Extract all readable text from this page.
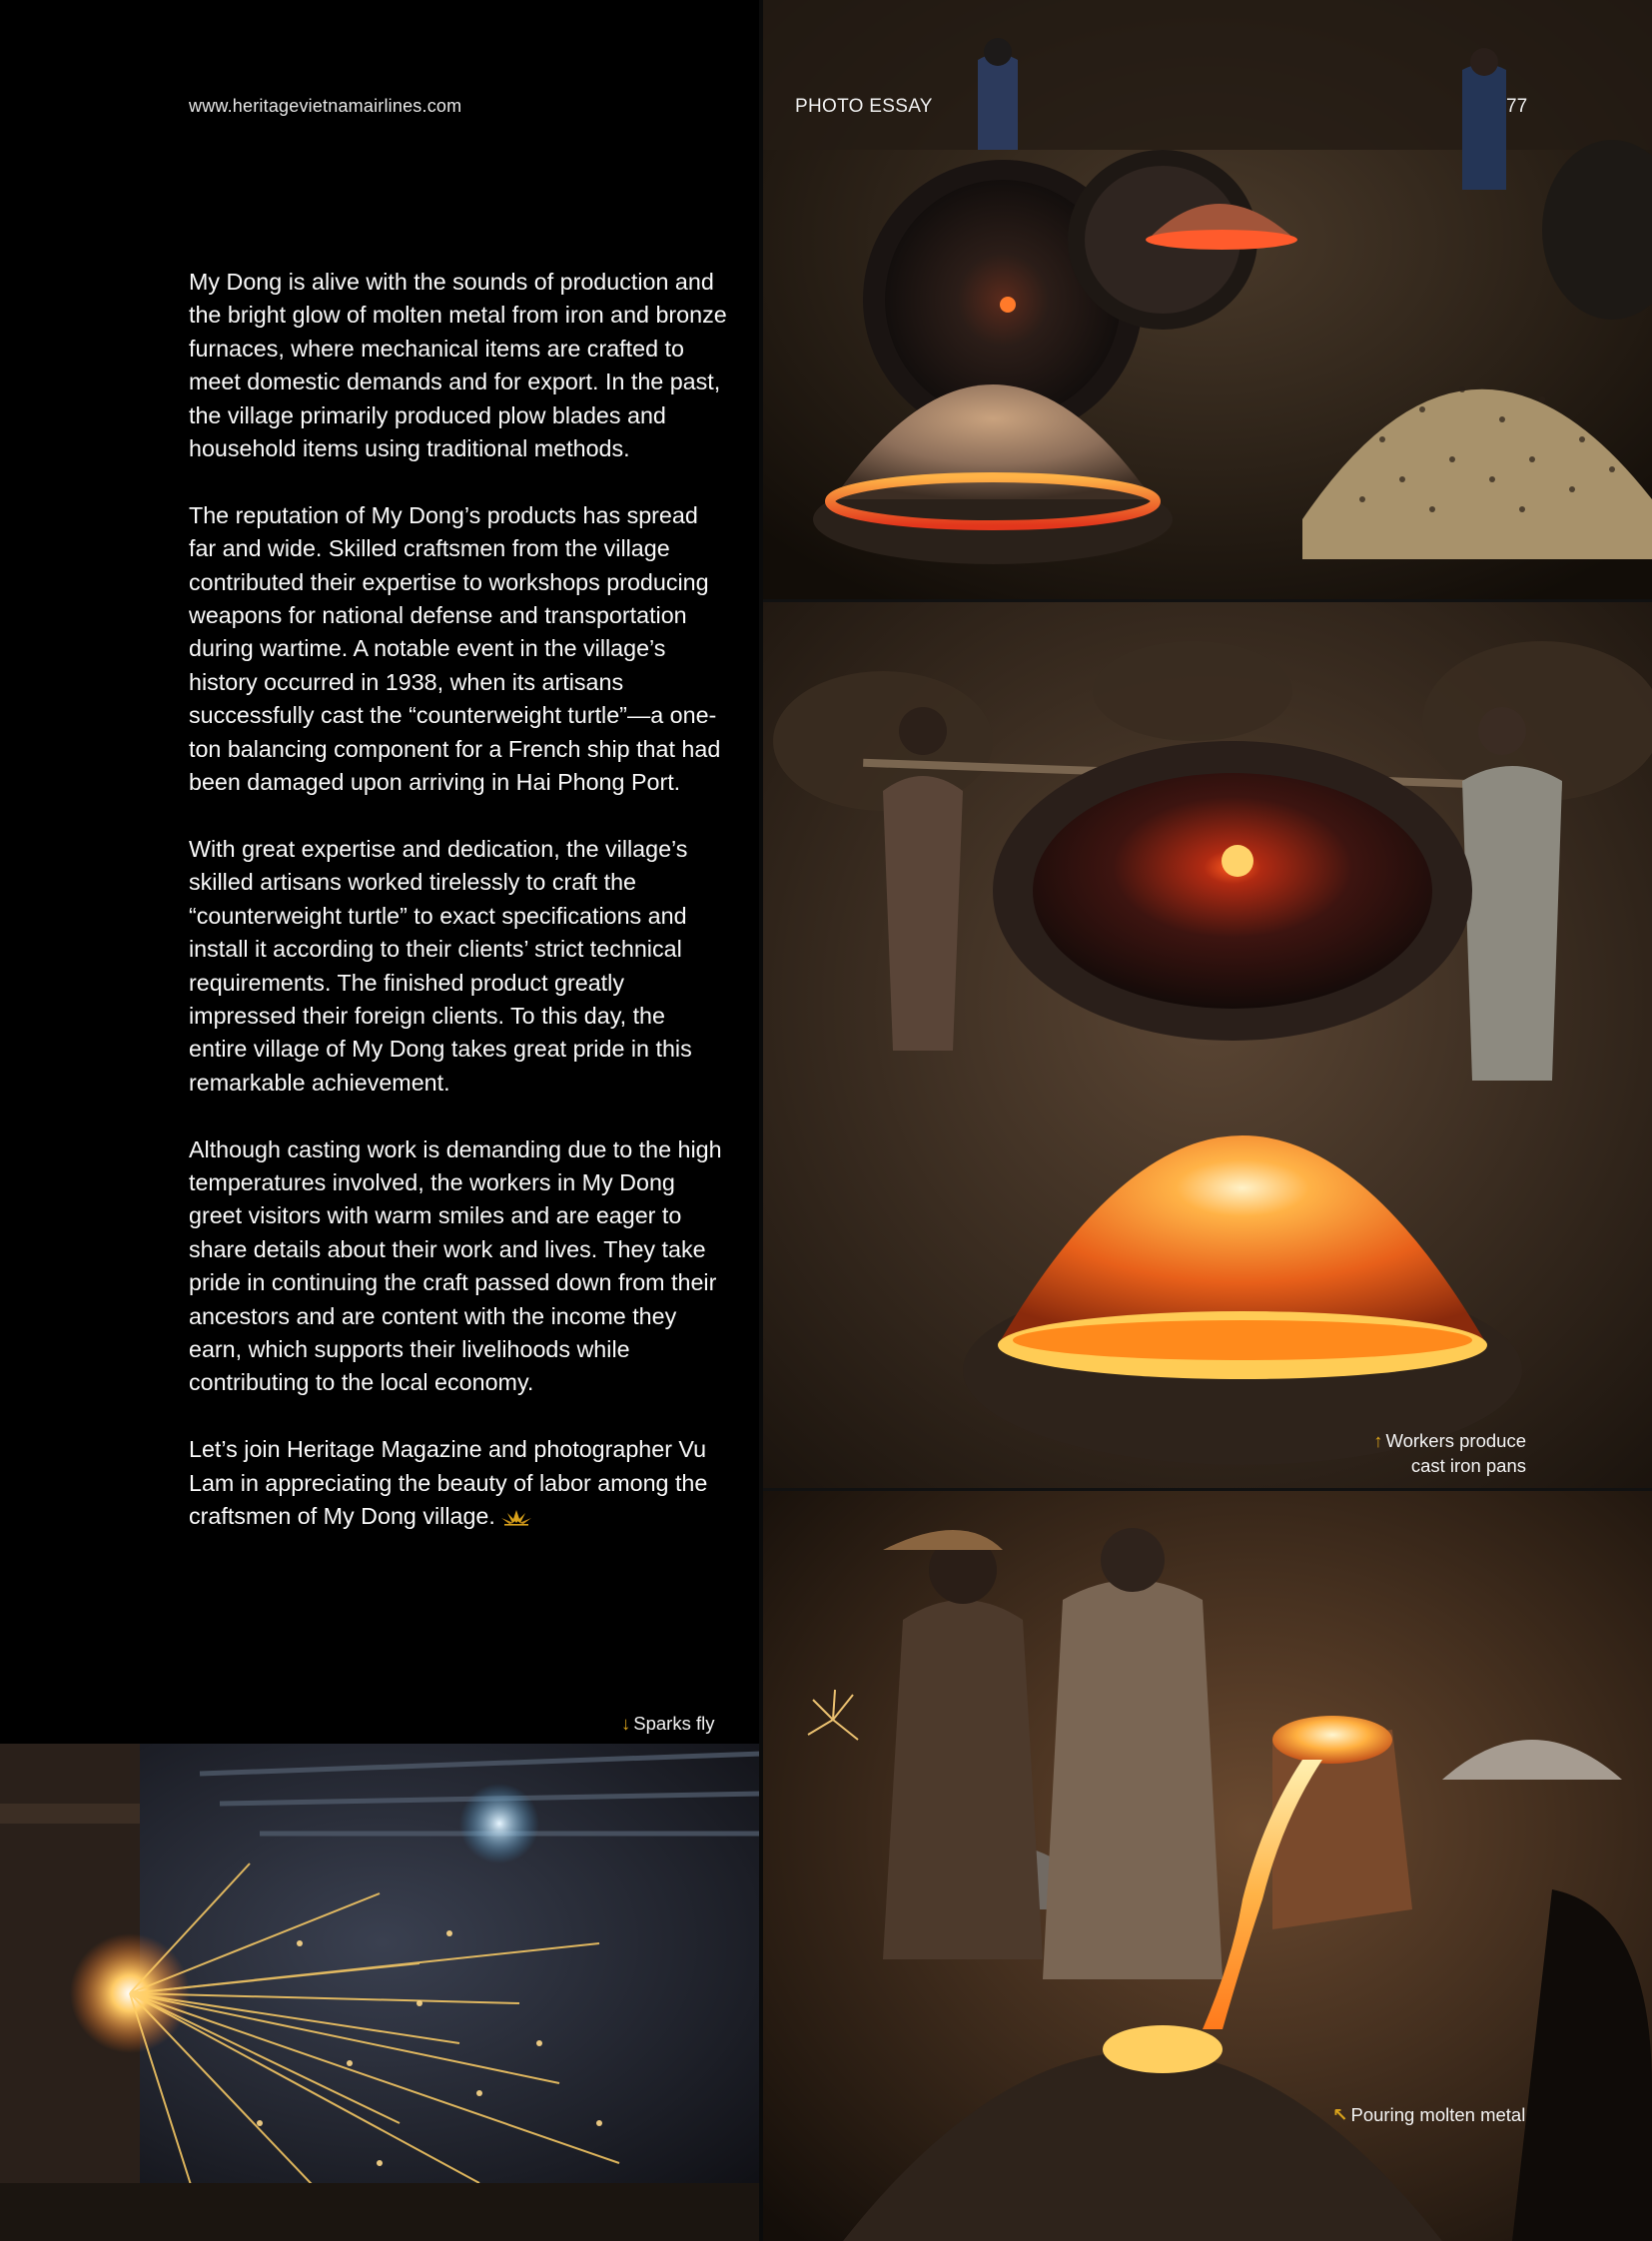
www.heritagevietnamairlines.com	PHOTO ESSAY	77

My Dong is alive with the sounds of production and the bright glow of molten metal from iron and bronze furnaces, where mechanical items are crafted to meet domestic demands and for export. In the past, the village primarily produced plow blades and household items using traditional methods.

The reputation of My Dong’s products has spread far and wide. Skilled craftsmen from the village contributed their expertise to workshops producing weapons for national defense and transportation during wartime. A notable event in the village’s history occurred in 1938, when its artisans successfully cast the “counterweight turtle”—a one-ton balancing component for a French ship that had been damaged upon arriving in Hai Phong Port.

With great expertise and dedication, the village’s skilled artisans worked tirelessly to craft the “counterweight turtle” to exact specifications and install it according to their clients’ strict technical requirements. The finished product greatly impressed their foreign clients. To this day, the entire village of My Dong takes great pride in this remarkable achievement.

Although casting work is demanding due to the high temperatures involved, the workers in My Dong greet visitors with warm smiles and are eager to share details about their work and lives. They take pride in continuing the craft passed down from their ancestors and are content with the income they earn, which supports their livelihoods while contributing to the local economy.

Let’s join Heritage Magazine and photographer Vu Lam in appreciating the beauty of labor among the craftsmen of My Dong village.

↑ Workers produce
cast iron pans
↓ Sparks fly
↖ Pouring molten metal
